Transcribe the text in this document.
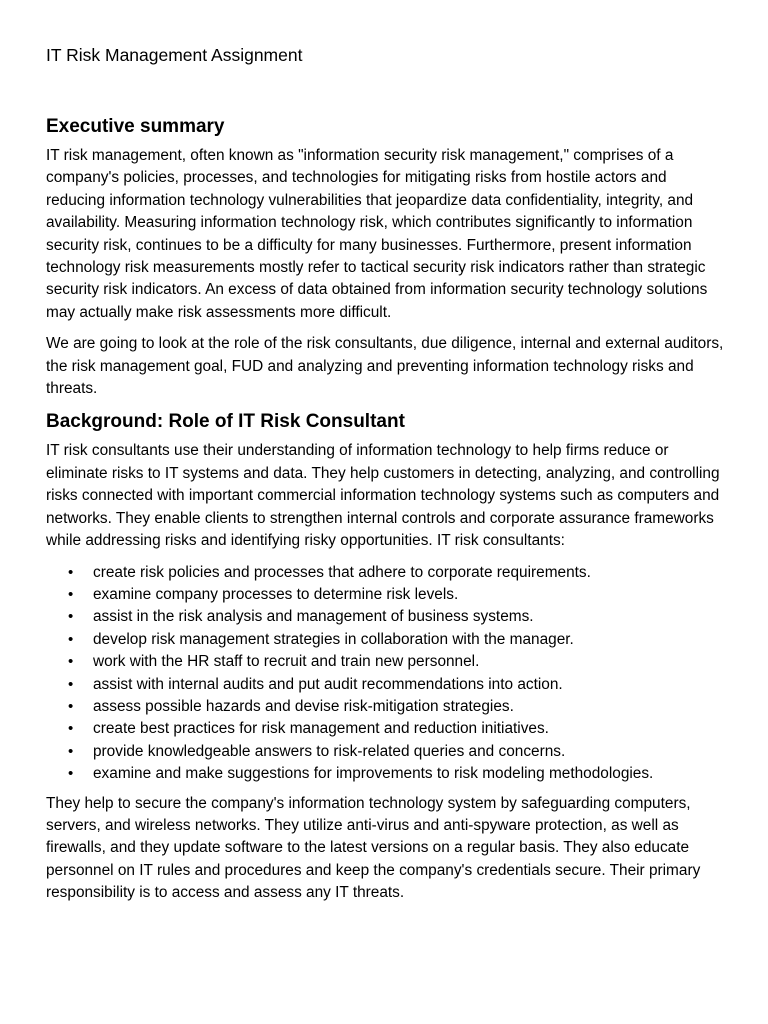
IT Risk Management Assignment
Executive summary

IT risk management, often known as "information security risk management," comprises of a company's policies, processes, and technologies for mitigating risks from hostile actors and reducing information technology vulnerabilities that jeopardize data confidentiality, integrity, and availability. Measuring information technology risk, which contributes significantly to information security risk, continues to be a difficulty for many businesses. Furthermore, present information technology risk measurements mostly refer to tactical security risk indicators rather than strategic security risk indicators. An excess of data obtained from information security technology solutions may actually make risk assessments more difficult.

We are going to look at the role of the risk consultants, due diligence, internal and external auditors, the risk management goal, FUD and analyzing and preventing information technology risks and threats.

Background: Role of IT Risk Consultant

IT risk consultants use their understanding of information technology to help firms reduce or eliminate risks to IT systems and data. They help customers in detecting, analyzing, and controlling risks connected with important commercial information technology systems such as computers and networks. They enable clients to strengthen internal controls and corporate assurance frameworks while addressing risks and identifying risky opportunities. IT risk consultants:

• create risk policies and processes that adhere to corporate requirements.
• examine company processes to determine risk levels.
• assist in the risk analysis and management of business systems.
• develop risk management strategies in collaboration with the manager.
• work with the HR staff to recruit and train new personnel.
• assist with internal audits and put audit recommendations into action.
• assess possible hazards and devise risk-mitigation strategies.
• create best practices for risk management and reduction initiatives.
• provide knowledgeable answers to risk-related queries and concerns.
• examine and make suggestions for improvements to risk modeling methodologies.

They help to secure the company's information technology system by safeguarding computers, servers, and wireless networks. They utilize anti-virus and anti-spyware protection, as well as firewalls, and they update software to the latest versions on a regular basis. They also educate personnel on IT rules and procedures and keep the company's credentials secure. Their primary responsibility is to access and assess any IT threats.
